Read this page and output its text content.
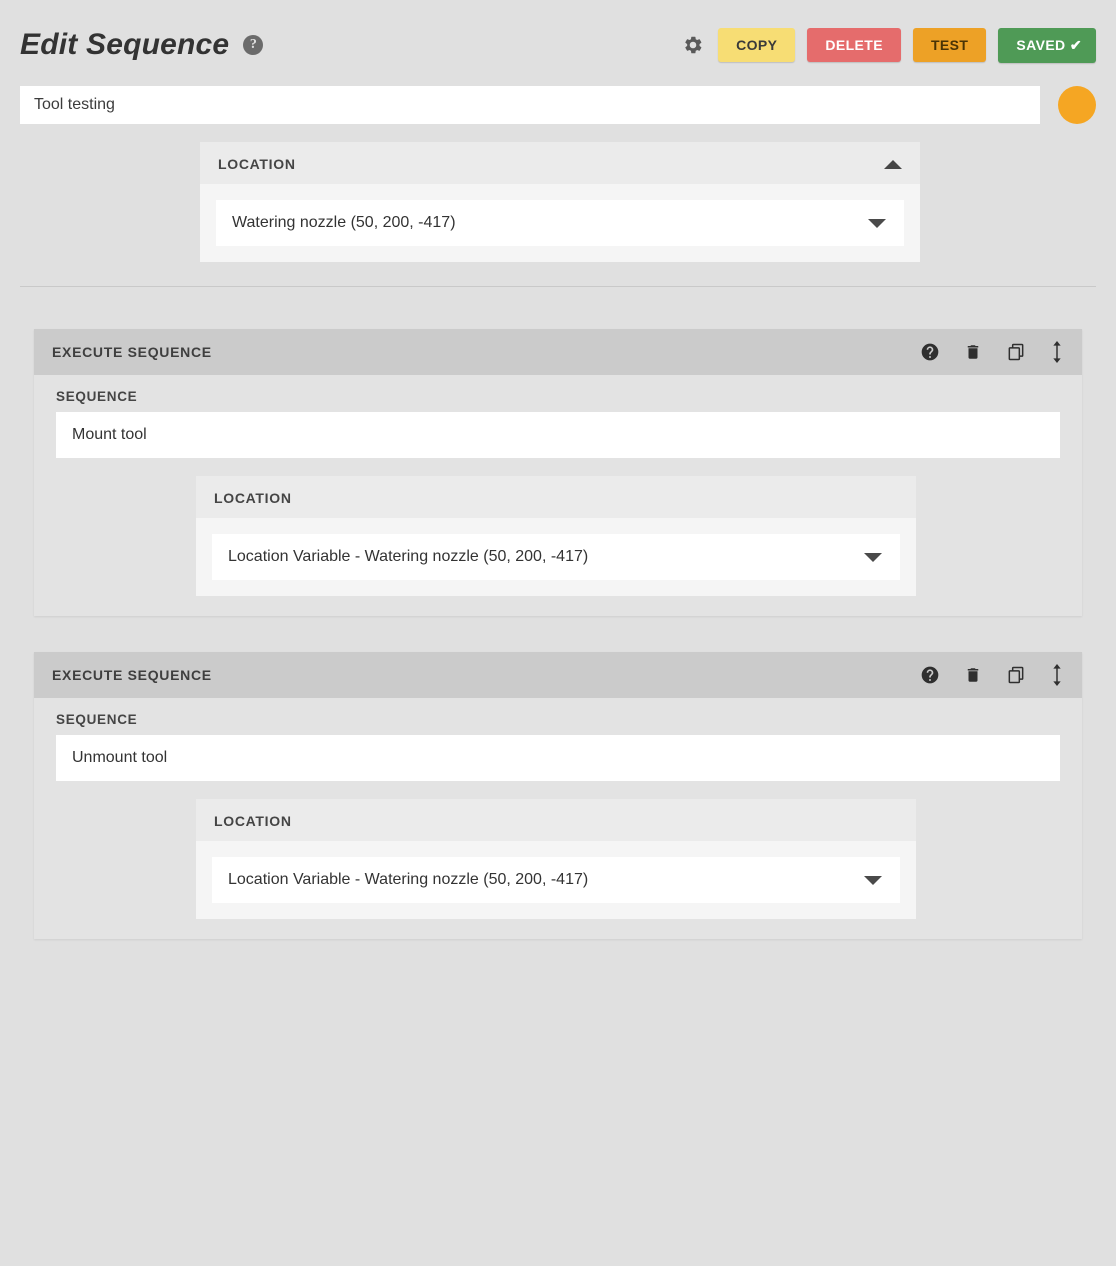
Edit Sequence	?	COPY	DELETE	TEST	SAVED ✔
Tool testing
LOCATION
Watering nozzle (50, 200, -417)
EXECUTE SEQUENCE
SEQUENCE
Mount tool
LOCATION
Location Variable - Watering nozzle (50, 200, -417)
EXECUTE SEQUENCE
SEQUENCE
Unmount tool
LOCATION
Location Variable - Watering nozzle (50, 200, -417)
